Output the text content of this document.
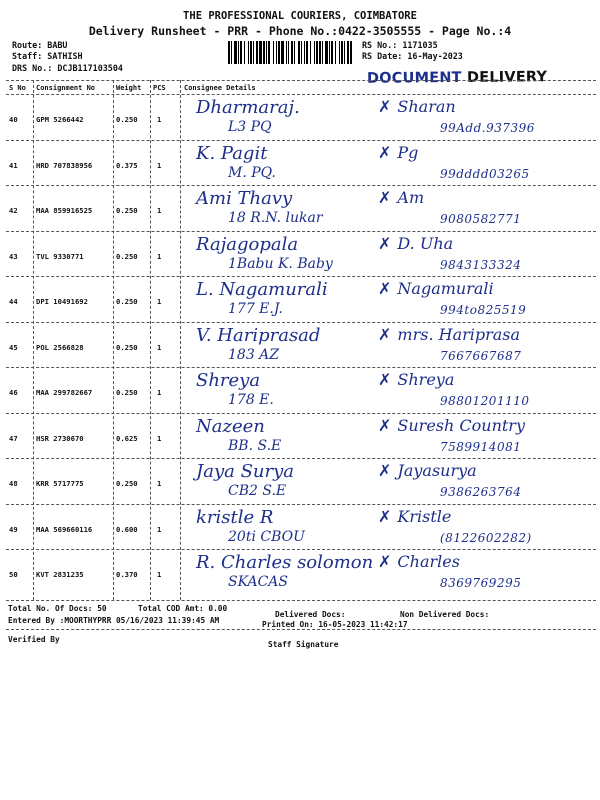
THE PROFESSIONAL COURIERS, COIMBATORE
Delivery Runsheet - PRR - Phone No.:0422-3505555 - Page No.:4
Route: BABU
Staff: SATHISH
DRS No.: DCJB117103504
RS No.: 1171035
RS Date: 16-May-2023
DOCUMENT DELIVERY
S No Consignment No	Weight PCS	Consignee Details
40	GPM 5266442	0.250	1
Dharmaraj.
L3 PQ	99Add.937396
✗ Sharan
41	HRD 707838956	0.375	1
K. Pagit
M. PQ.	99dddd03265
✗ Pg
42	MAA 859916525	0.250	1
Ami Thavy
18 R.N. lukar	9080582771
✗ Am
43	TVL 9330771	0.250	1
Rajagopala
1Babu K. Baby	9843133324
✗ D. Uha
44	DPI 10491692	0.250	1
L. Nagamurali
177 E.J.	994to825519
✗ Nagamurali
45	POL 2566828	0.250	1
V. Hariprasad
183 AZ	7667667687
✗ mrs. Hariprasa
46	MAA 299782667	0.250	1
Shreya
178 E.	98801201110
✗ Shreya
47	HSR 2730670	0.625	1
Nazeen
BB. S.E	7589914081
✗ Suresh Country
48	KRR 5717775	0.250	1
Jaya Surya
CB2 S.E	9386263764
✗ Jayasurya
49	MAA 569660116	0.600	1
kristle R
20ti CBOU	(8122602282)
✗ Kristle
50	KVT 2831235	0.370	1
R. Charles solomon
SKACAS	8369769295
✗ Charles
Total No. Of Docs: 50	Total COD Amt: 0.00
Delivered Docs:	Non Delivered Docs:
Entered By :MOORTHYPRR 05/16/2023 11:39:45 AM	Printed On: 16-05-2023 11:42:17
Verified By
Staff Signature
